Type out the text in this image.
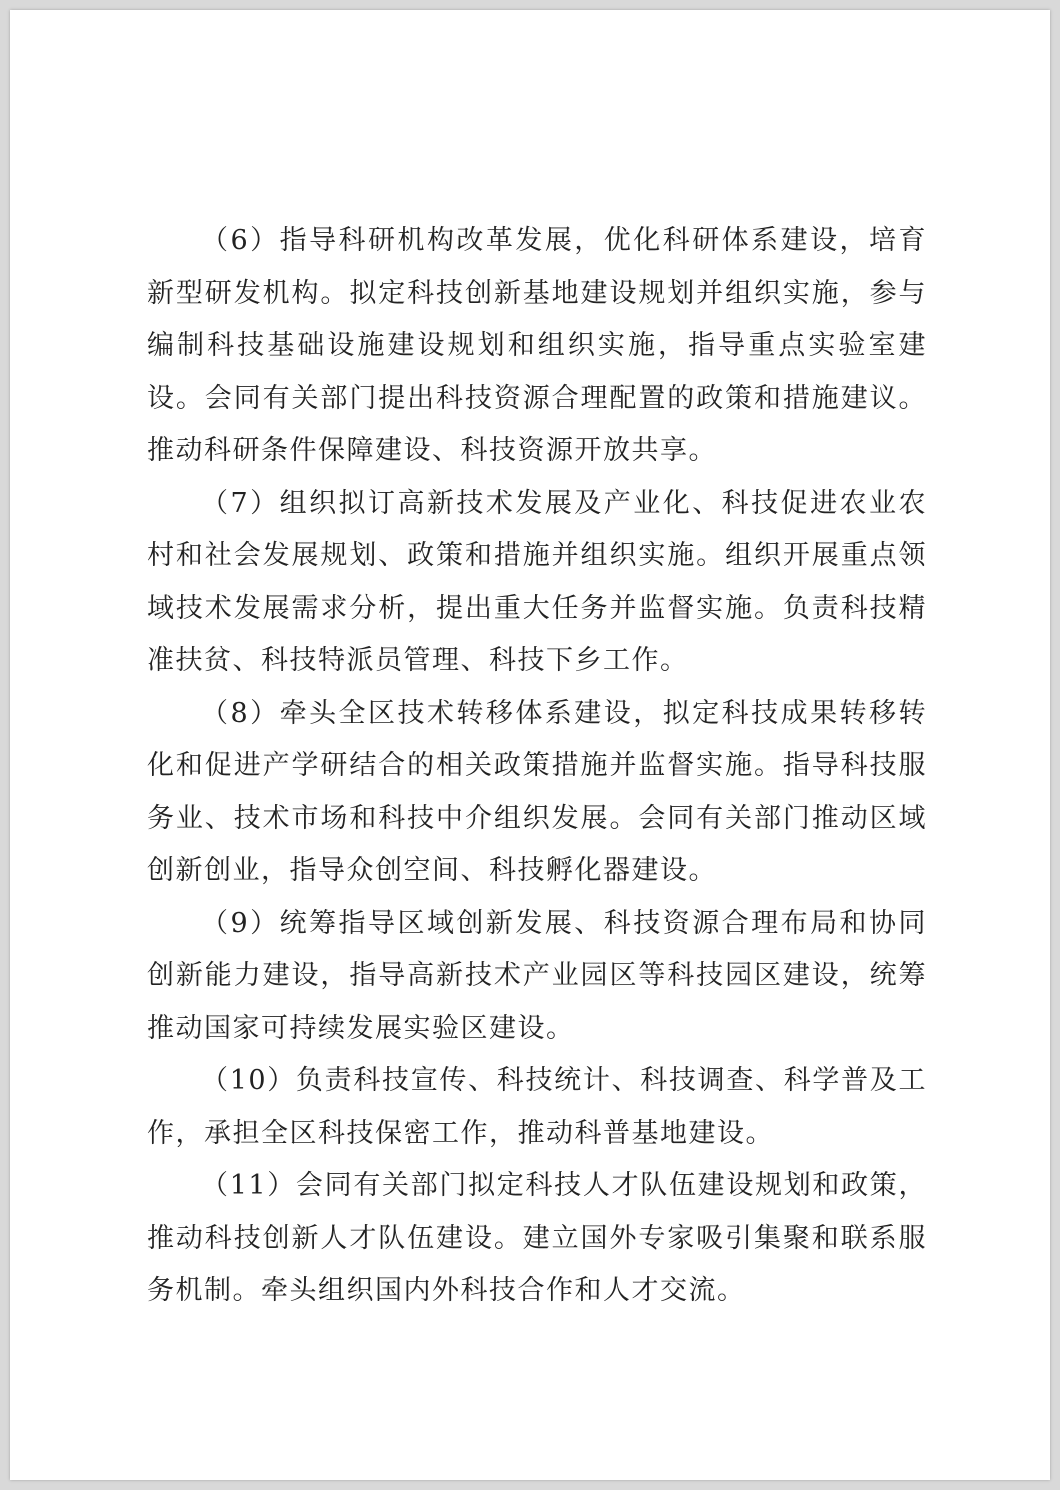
（6）指导科研机构改革发展，优化科研体系建设，培育新型研发机构。拟定科技创新基地建设规划并组织实施，参与编制科技基础设施建设规划和组织实施，指导重点实验室建设。会同有关部门提出科技资源合理配置的政策和措施建议。推动科研条件保障建设、科技资源开放共享。

（7）组织拟订高新技术发展及产业化、科技促进农业农村和社会发展规划、政策和措施并组织实施。组织开展重点领域技术发展需求分析，提出重大任务并监督实施。负责科技精准扶贫、科技特派员管理、科技下乡工作。

（8）牵头全区技术转移体系建设，拟定科技成果转移转化和促进产学研结合的相关政策措施并监督实施。指导科技服务业、技术市场和科技中介组织发展。会同有关部门推动区域创新创业，指导众创空间、科技孵化器建设。

（9）统筹指导区域创新发展、科技资源合理布局和协同创新能力建设，指导高新技术产业园区等科技园区建设，统筹推动国家可持续发展实验区建设。

（10）负责科技宣传、科技统计、科技调查、科学普及工作，承担全区科技保密工作，推动科普基地建设。

（11）会同有关部门拟定科技人才队伍建设规划和政策，推动科技创新人才队伍建设。建立国外专家吸引集聚和联系服务机制。牵头组织国内外科技合作和人才交流。
